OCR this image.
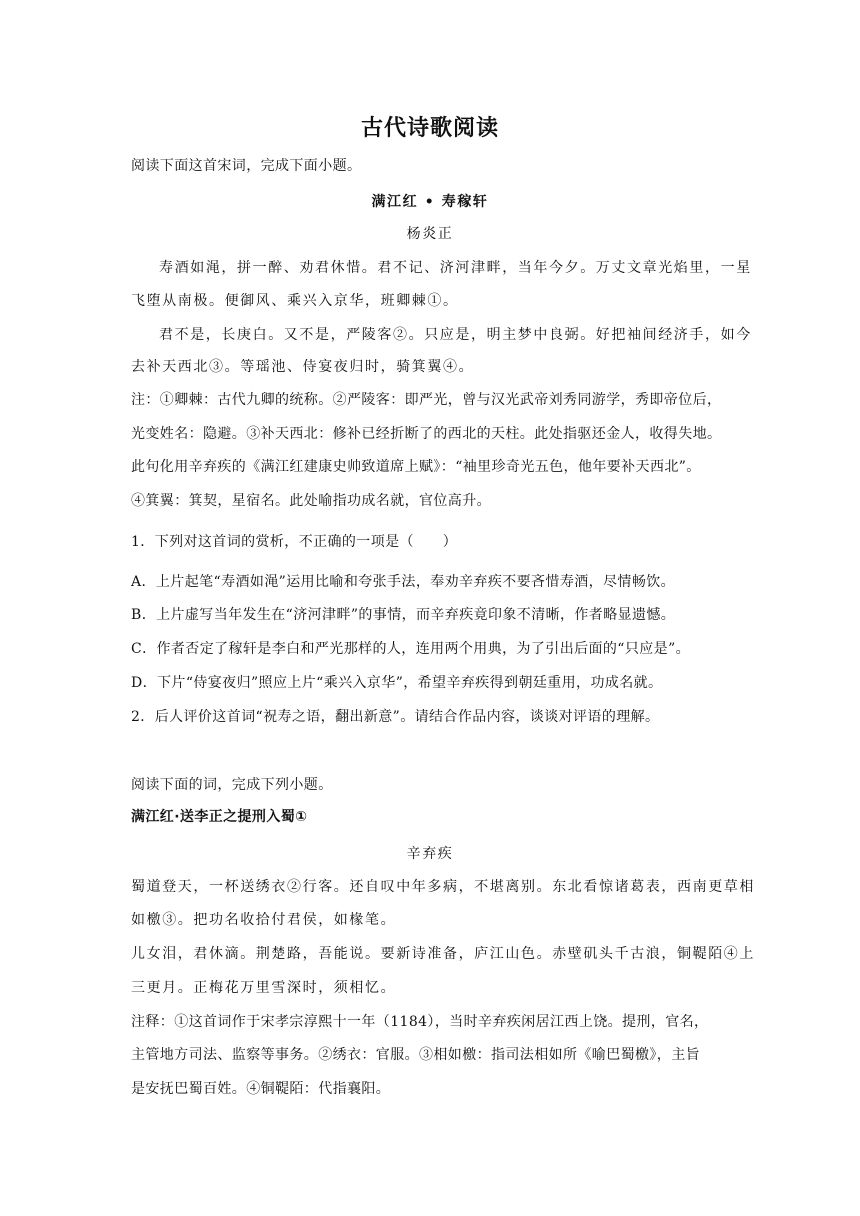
古代诗歌阅读
阅读下面这首宋词，完成下面小题。
满江红 • 寿稼轩
杨炎正
寿酒如渑，拼一醉、劝君休惜。君不记、济河津畔，当年今夕。万丈文章光焰里，一星
飞堕从南极。便御风、乘兴入京华，班卿棘①。
君不是，长庚白。又不是，严陵客②。只应是，明主梦中良弼。好把袖间经济手，如今
去补天西北③。等瑶池、侍宴夜归时，骑箕翼④。
注：①卿棘：古代九卿的统称。②严陵客：即严光，曾与汉光武帝刘秀同游学，秀即帝位后，
光变姓名：隐避。③补天西北：修补已经折断了的西北的天柱。此处指驱还金人，收得失地。
此句化用辛弃疾的《满江红建康史帅致道席上赋》：“袖里珍奇光五色，他年要补天西北”。
④箕翼：箕契，星宿名。此处喻指功成名就，官位高升。
1．下列对这首词的赏析，不正确的一项是（　　）
A．上片起笔“寿酒如渑”运用比喻和夸张手法，奉劝辛弃疾不要吝惜寿酒，尽情畅饮。
B．上片虚写当年发生在“济河津畔”的事情，而辛弃疾竟印象不清晰，作者略显遗憾。
C．作者否定了稼轩是李白和严光那样的人，连用两个用典，为了引出后面的“只应是”。
D．下片“侍宴夜归”照应上片“乘兴入京华”，希望辛弃疾得到朝廷重用，功成名就。
2．后人评价这首词“祝寿之语，翻出新意”。请结合作品内容，谈谈对评语的理解。
阅读下面的词，完成下列小题。
满江红·送李正之提刑入蜀①
辛弃疾
蜀道登天，一杯送绣衣②行客。还自叹中年多病，不堪离别。东北看惊诸葛表，西南更草相
如檄③。把功名收拾付君侯，如椽笔。
儿女泪，君休滴。荆楚路，吾能说。要新诗准备，庐江山色。赤壁矶头千古浪，铜鞮陌④上
三更月。正梅花万里雪深时，须相忆。
注释：①这首词作于宋孝宗淳熙十一年（1184），当时辛弃疾闲居江西上饶。提刑，官名，
主管地方司法、监察等事务。②绣衣：官服。③相如檄：指司法相如所《喻巴蜀檄》，主旨
是安抚巴蜀百姓。④铜鞮陌：代指襄阳。
